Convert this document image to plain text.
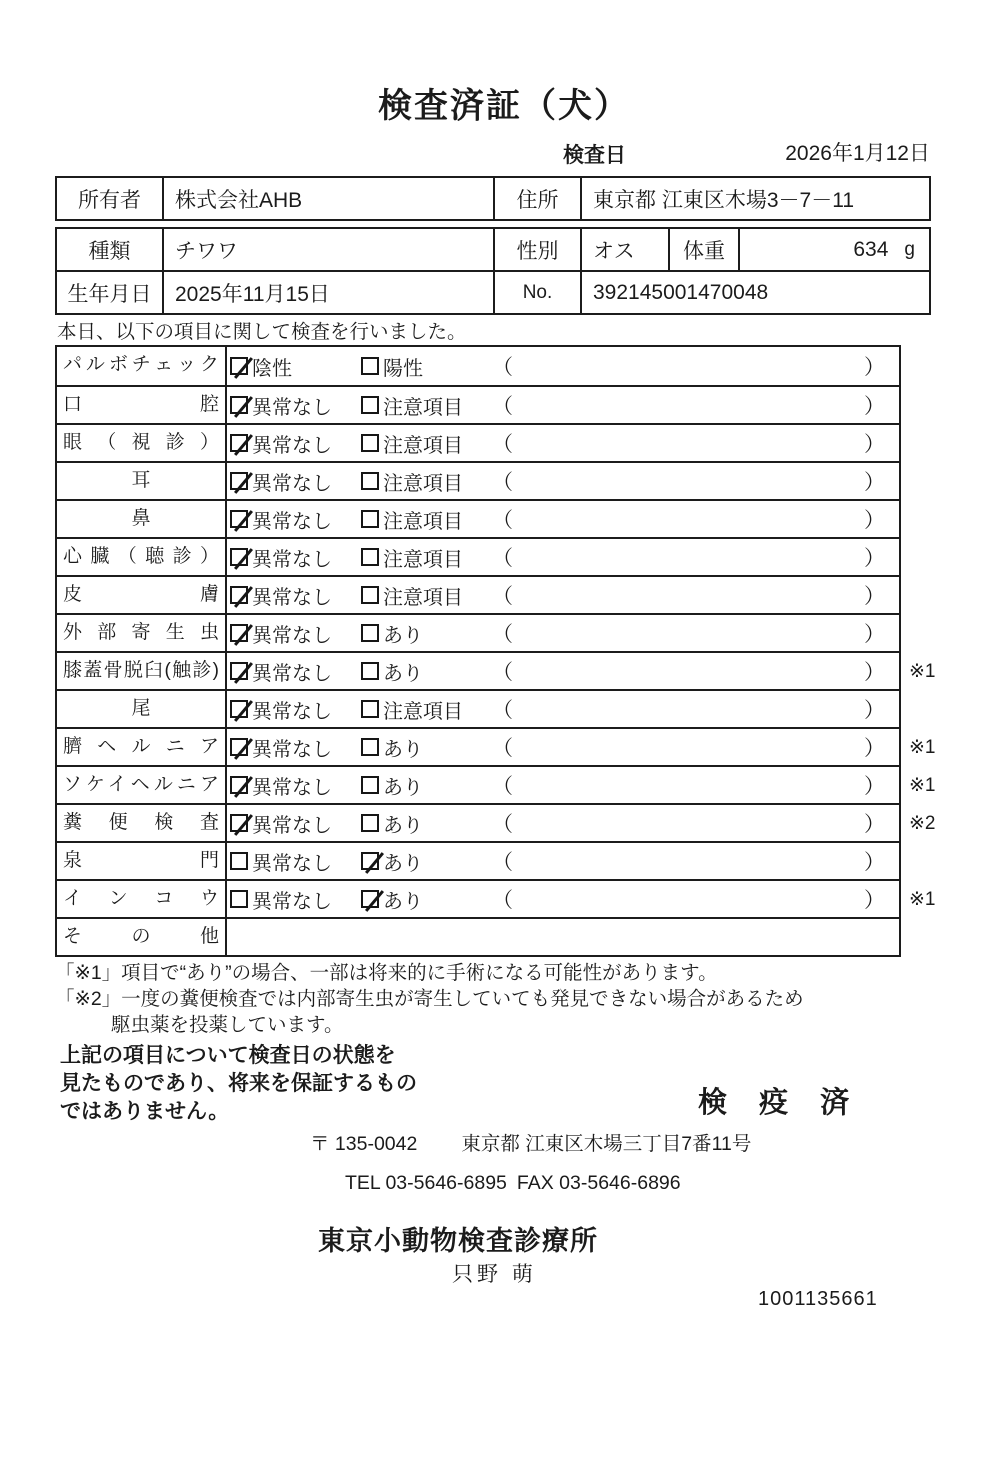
検査済証（犬）
検査日	2026年1月12日
所有者	株式会社AHB	住所	東京都 江東区木場3－7－11
種類	チワワ	性別	オス	体重	634 g
生年月日	2025年11月15日	No.	392145001470048
本日、以下の項目に関して検査を行いました。
パルボチェック	陰性	陽性	（	）
口腔	異常なし	注意項目 （	）
眼（視診）	異常なし	注意項目 （	）
耳	異常なし	注意項目 （	）
鼻	異常なし	注意項目 （	）
心臓（聴診）	異常なし	注意項目 （	）
皮膚	異常なし	注意項目 （	）
外部寄生虫	異常なし	あり	（	）
膝蓋骨脱臼(触診)	異常なし	あり	（	） ※1
尾	異常なし	注意項目 （	）
臍ヘルニア	異常なし	あり	（	） ※1
ソケイヘルニア	異常なし	あり	（	） ※1
糞便検査	異常なし	あり	（	） ※2
泉門	異常なし	あり	（	）
インコウ	異常なし	あり	（	） ※1
その他
「※1」項目で“あり”の場合、一部は将来的に手術になる可能性があります。
「※2」一度の糞便検査では内部寄生虫が寄生していても発見できない場合があるため
駆虫薬を投薬しています。
上記の項目について検査日の状態を
見たものであり、将来を保証するもの
ではありません。	検 疫 済
〒 135-0042 東京都 江東区木場三丁目7番11号
TEL 03-5646-6895 FAX 03-5646-6896
東京小動物検査診療所
只野 萌
1001135661
